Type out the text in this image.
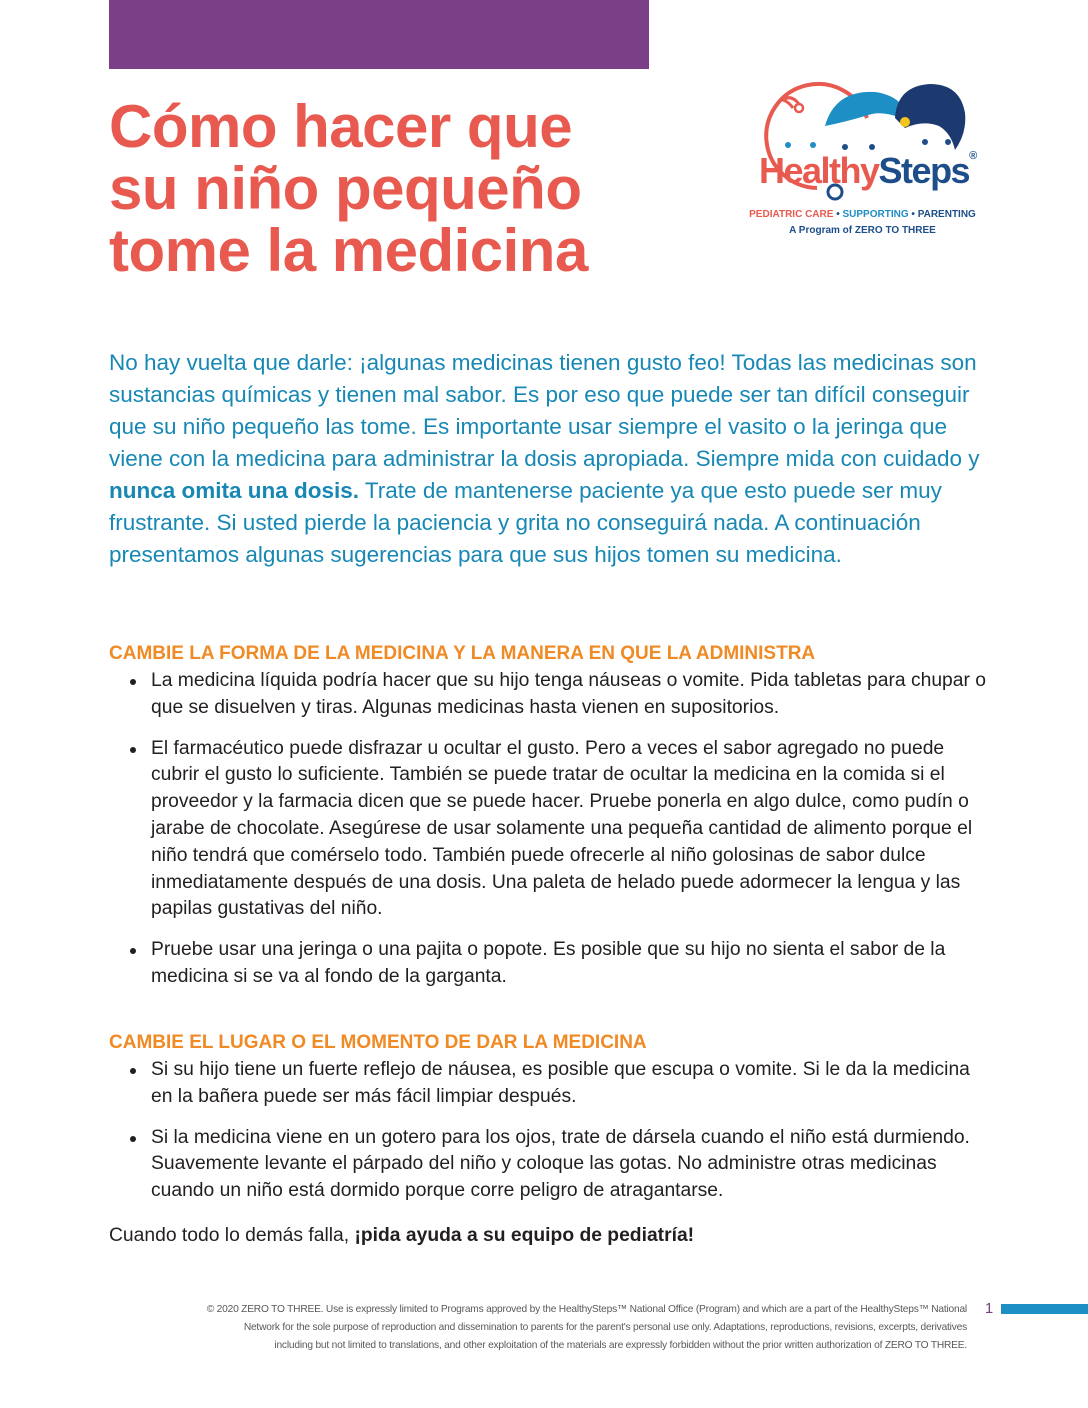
Cómo hacer que
su niño pequeño
tome la medicina
HealthySteps®
PEDIATRIC CARE • SUPPORTING • PARENTING
A Program of ZERO TO THREE

No hay vuelta que darle: ¡algunas medicinas tienen gusto feo! Todas las medicinas son sustancias químicas y tienen mal sabor. Es por eso que puede ser tan difícil conseguir que su niño pequeño las tome. Es importante usar siempre el vasito o la jeringa que viene con la medicina para administrar la dosis apropiada. Siempre mida con cuidado y nunca omita una dosis. Trate de mantenerse paciente ya que esto puede ser muy frustrante. Si usted pierde la paciencia y grita no conseguirá nada. A continuación presentamos algunas sugerencias para que sus hijos tomen su medicina.

CAMBIE LA FORMA DE LA MEDICINA Y LA MANERA EN QUE LA ADMINISTRA
La medicina líquida podría hacer que su hijo tenga náuseas o vomite. Pida tabletas para chupar o que se disuelven y tiras. Algunas medicinas hasta vienen en supositorios.
El farmacéutico puede disfrazar u ocultar el gusto. Pero a veces el sabor agregado no puede cubrir el gusto lo suficiente. También se puede tratar de ocultar la medicina en la comida si el proveedor y la farmacia dicen que se puede hacer. Pruebe ponerla en algo dulce, como pudín o jarabe de chocolate. Asegúrese de usar solamente una pequeña cantidad de alimento porque el niño tendrá que comérselo todo. También puede ofrecerle al niño golosinas de sabor dulce inmediatamente después de una dosis. Una paleta de helado puede adormecer la lengua y las papilas gustativas del niño.
Pruebe usar una jeringa o una pajita o popote. Es posible que su hijo no sienta el sabor de la medicina si se va al fondo de la garganta.
CAMBIE EL LUGAR O EL MOMENTO DE DAR LA MEDICINA
Si su hijo tiene un fuerte reflejo de náusea, es posible que escupa o vomite. Si le da la medicina en la bañera puede ser más fácil limpiar después.
Si la medicina viene en un gotero para los ojos, trate de dársela cuando el niño está durmiendo. Suavemente levante el párpado del niño y coloque las gotas. No administre otras medicinas cuando un niño está dormido porque corre peligro de atragantarse.

Cuando todo lo demás falla, ¡pida ayuda a su equipo de pediatría!

© 2020 ZERO TO THREE. Use is expressly limited to Programs approved by the HealthySteps™ National Office (Program) and which are a part of the HealthySteps™ National
Network for the sole purpose of reproduction and dissemination to parents for the parent's personal use only. Adaptations, reproductions, revisions, excerpts, derivatives
including but not limited to translations, and other exploitation of the materials are expressly forbidden without the prior written authorization of ZERO TO THREE.

1
